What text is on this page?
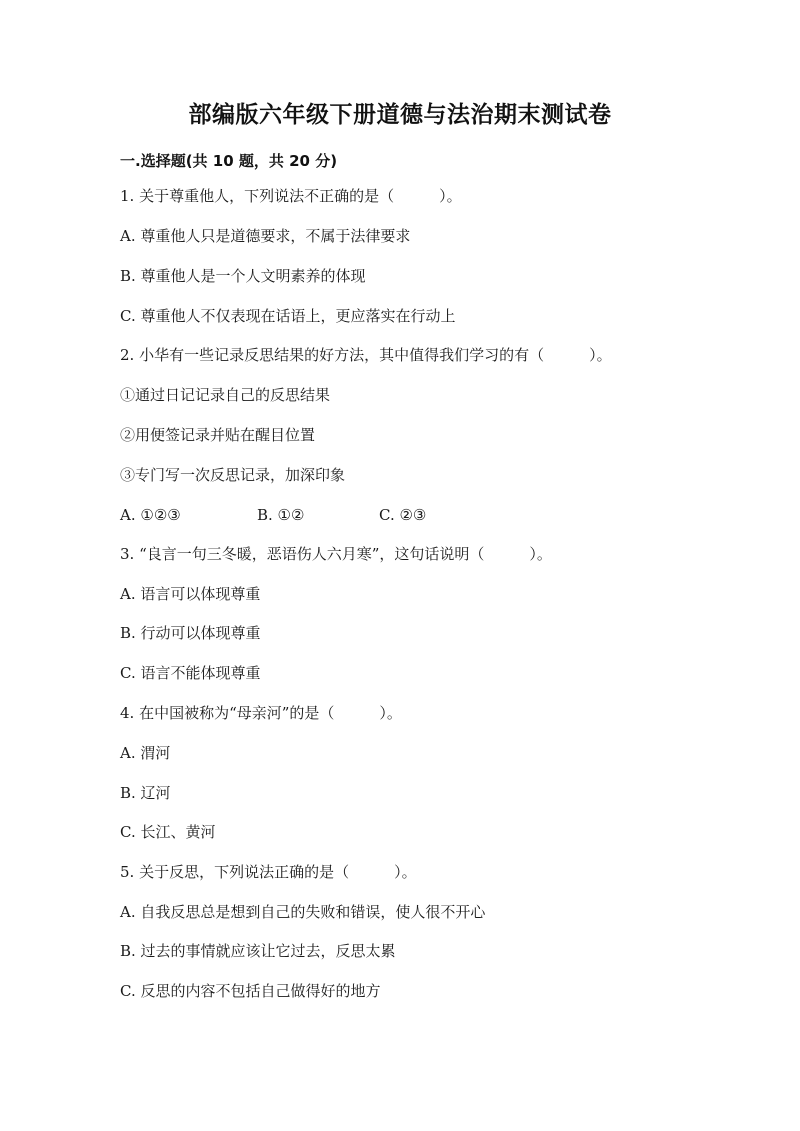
部编版六年级下册道德与法治期末测试卷
一.选择题(共 10 题，共 20 分)
1. 关于尊重他人，下列说法不正确的是（　　　）。
A. 尊重他人只是道德要求，不属于法律要求
B. 尊重他人是一个人文明素养的体现
C. 尊重他人不仅表现在话语上，更应落实在行动上
2. 小华有一些记录反思结果的好方法，其中值得我们学习的有（　　　）。
①通过日记记录自己的反思结果
②用便签记录并贴在醒目位置
③专门写一次反思记录，加深印象
A. ①②③	B. ①②	C. ②③
3. “良言一句三冬暖，恶语伤人六月寒”，这句话说明（　　　）。
A. 语言可以体现尊重
B. 行动可以体现尊重
C. 语言不能体现尊重
4. 在中国被称为“母亲河”的是（　　　）。
A. 渭河
B. 辽河
C. 长江、黄河
5. 关于反思，下列说法正确的是（　　　）。
A. 自我反思总是想到自己的失败和错误，使人很不开心
B. 过去的事情就应该让它过去，反思太累
C. 反思的内容不包括自己做得好的地方
